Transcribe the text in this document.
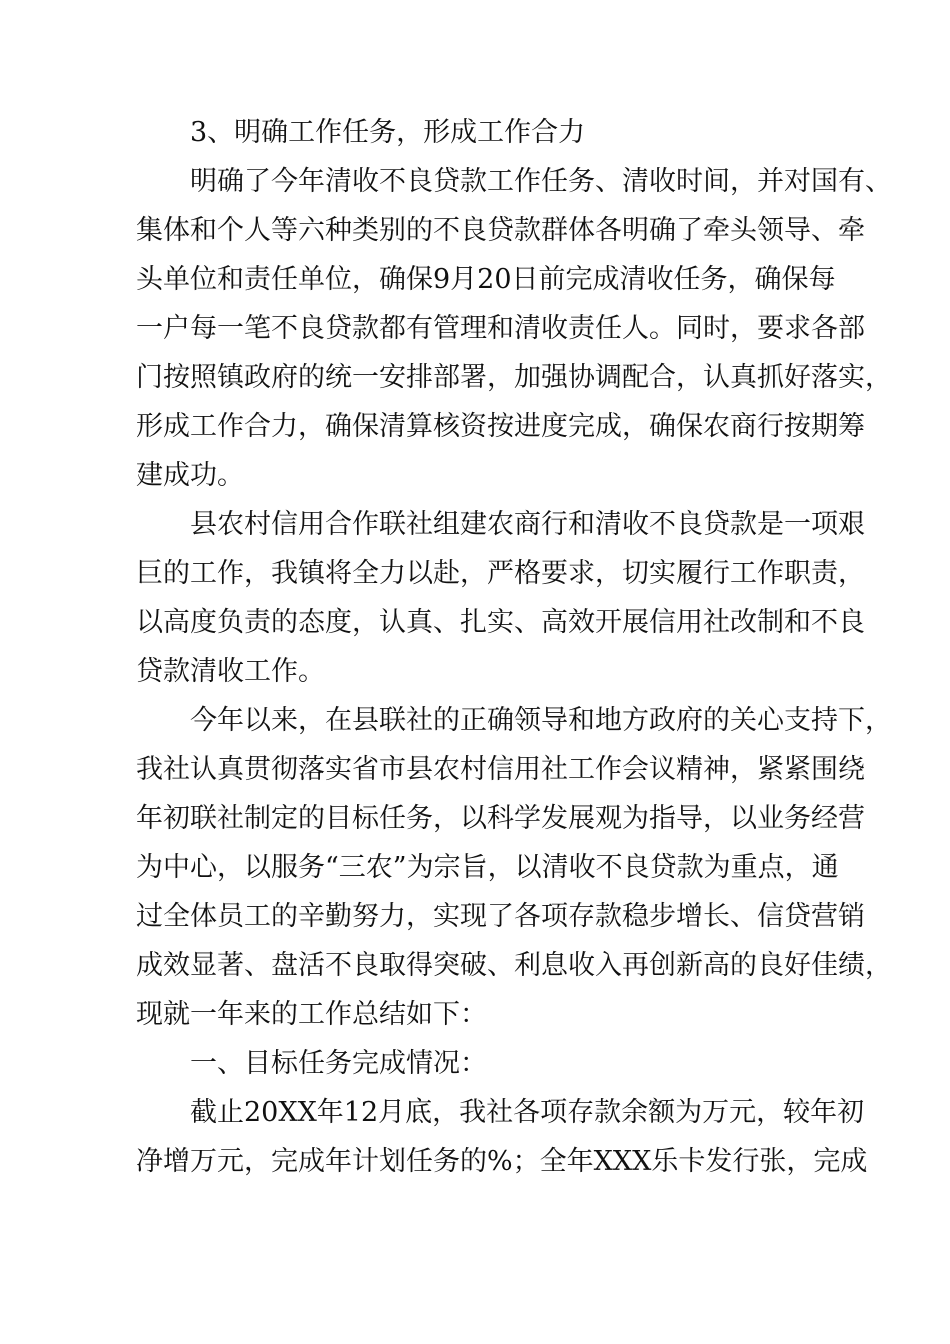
3、明确工作任务，形成工作合力

明确了今年清收不良贷款工作任务、清收时间，并对国有、
集体和个人等六种类别的不良贷款群体各明确了牵头领导、牵
头单位和责任单位，确保9月20日前完成清收任务，确保每
一户每一笔不良贷款都有管理和清收责任人。同时，要求各部
门按照镇政府的统一安排部署，加强协调配合，认真抓好落实，
形成工作合力，确保清算核资按进度完成，确保农商行按期筹
建成功。

县农村信用合作联社组建农商行和清收不良贷款是一项艰
巨的工作，我镇将全力以赴，严格要求，切实履行工作职责，
以高度负责的态度，认真、扎实、高效开展信用社改制和不良
贷款清收工作。

今年以来，在县联社的正确领导和地方政府的关心支持下，
我社认真贯彻落实省市县农村信用社工作会议精神，紧紧围绕
年初联社制定的目标任务，以科学发展观为指导，以业务经营
为中心，以服务“三农”为宗旨，以清收不良贷款为重点，通
过全体员工的辛勤努力，实现了各项存款稳步增长、信贷营销
成效显著、盘活不良取得突破、利息收入再创新高的良好佳绩，
现就一年来的工作总结如下：

一、目标任务完成情况：

截止20XX年12月底，我社各项存款余额为万元，较年初
净增万元，完成年计划任务的%；全年XXX乐卡发行张，完成
